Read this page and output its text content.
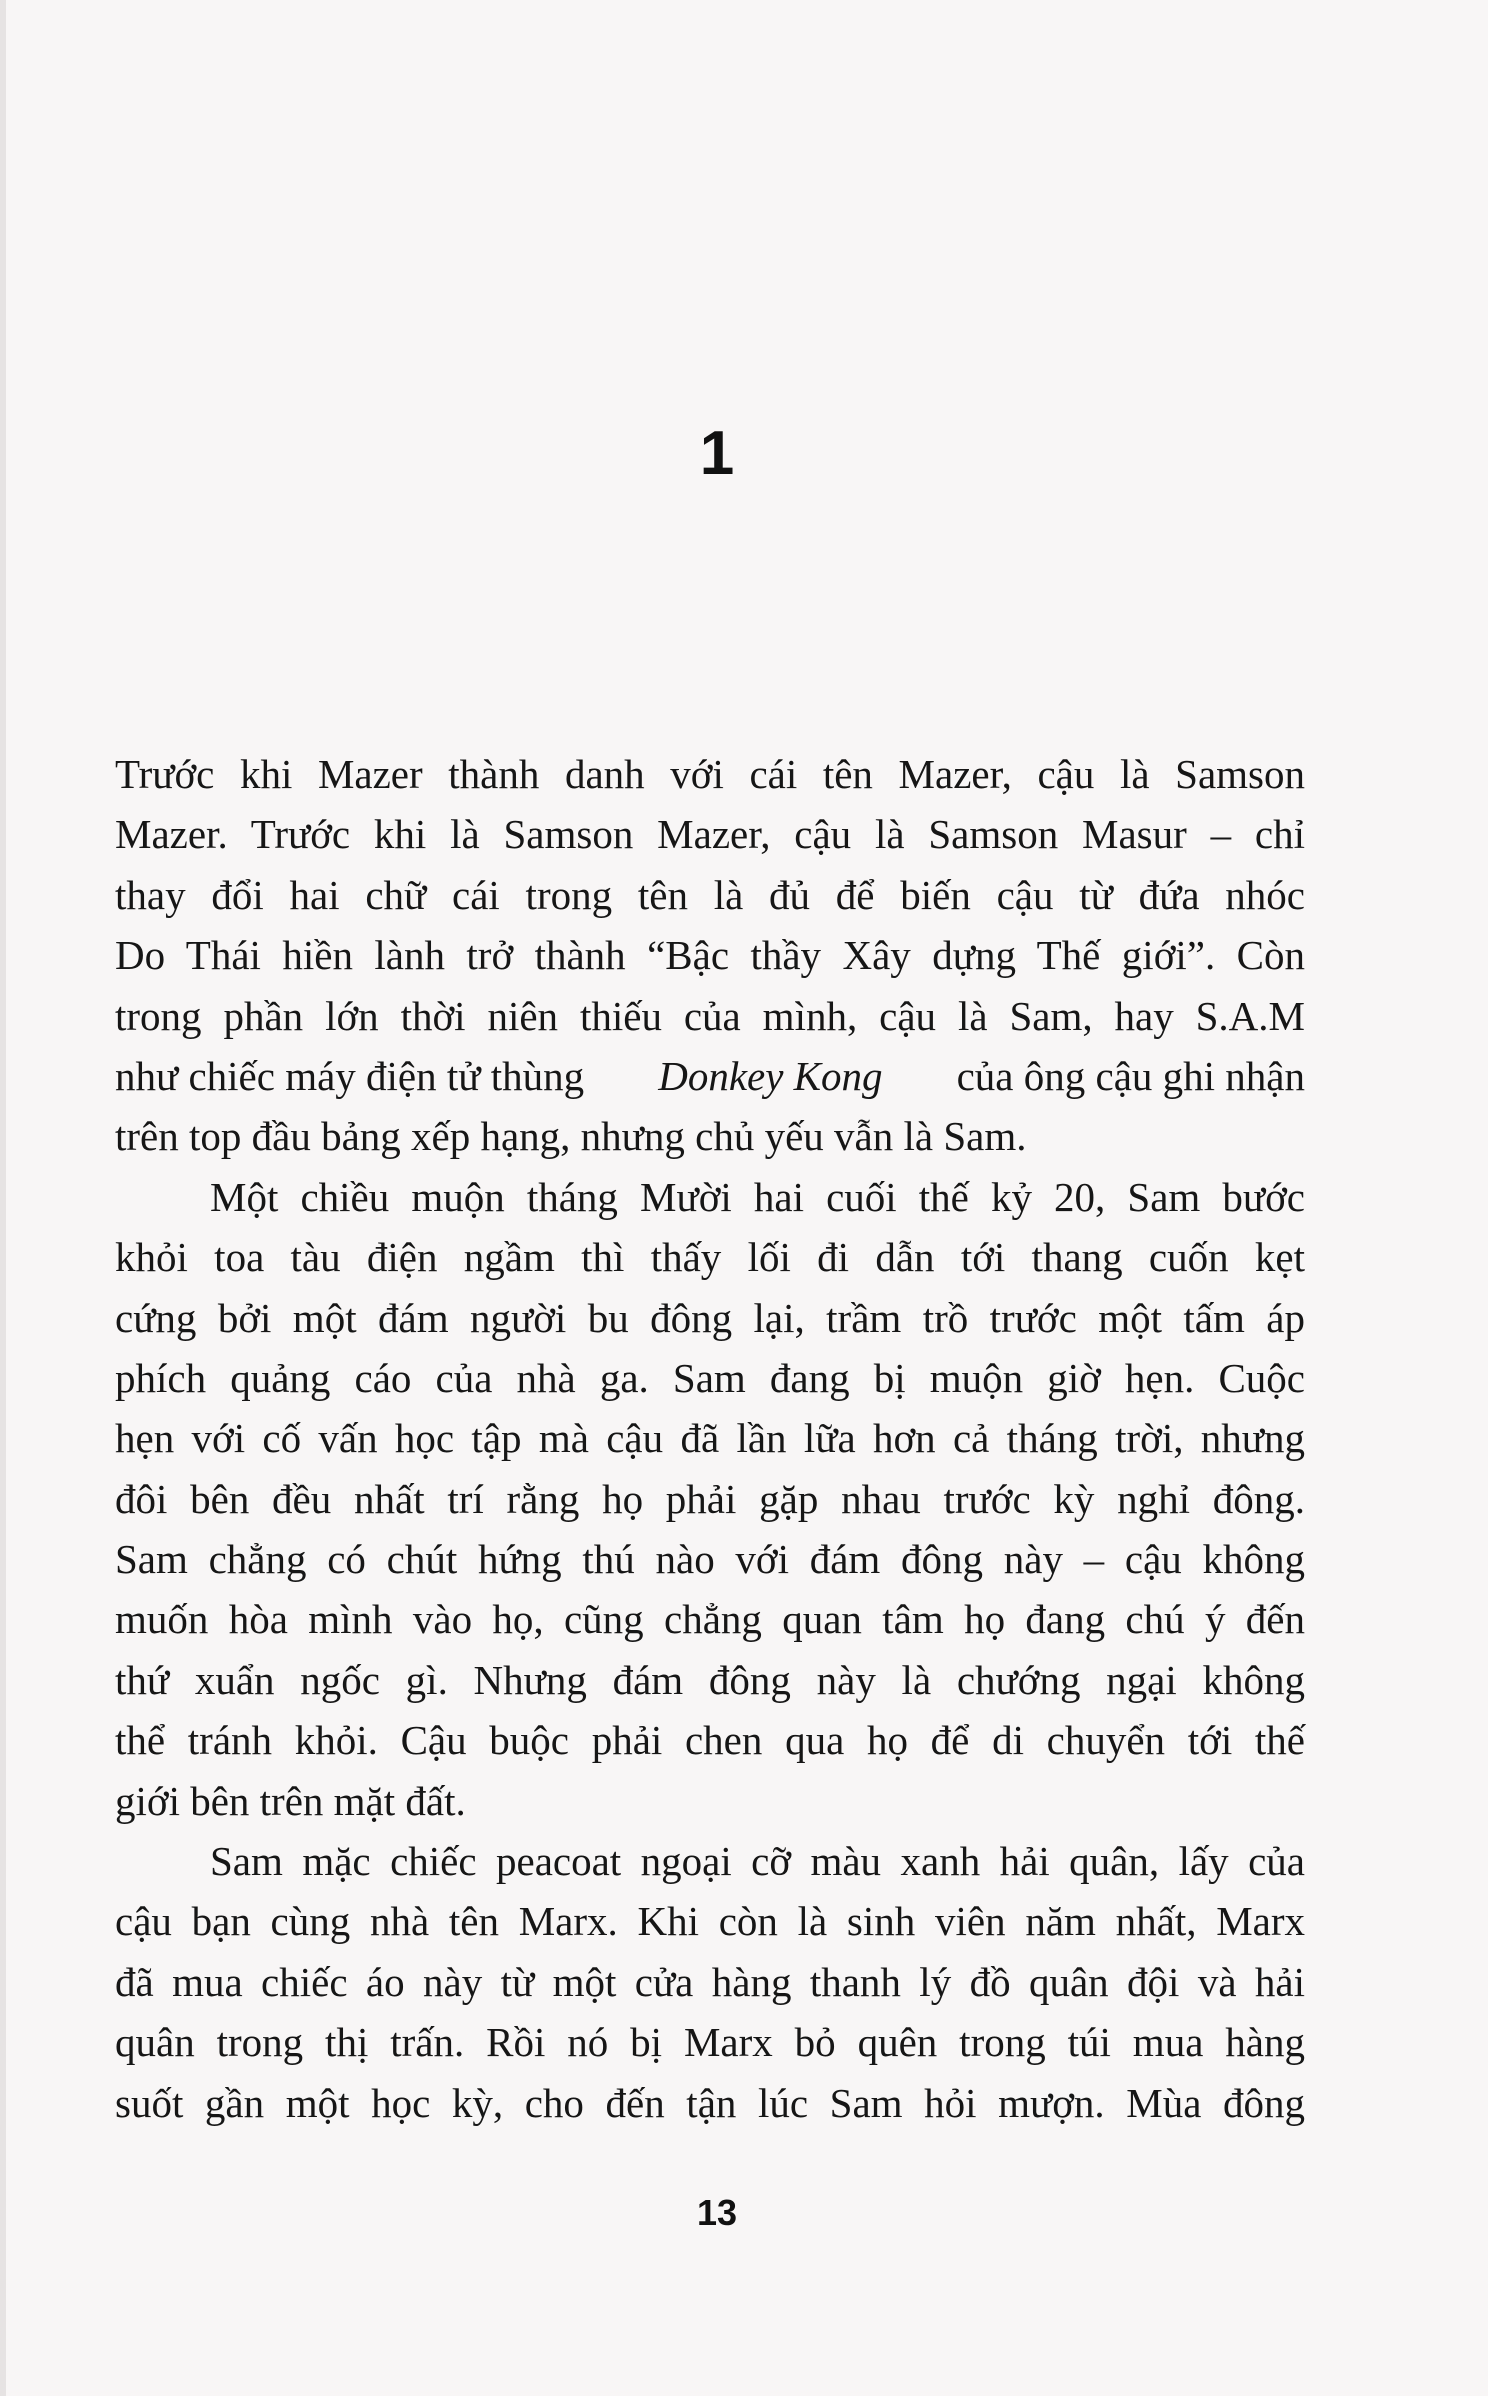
1
Trước khi Mazer thành danh với cái tên Mazer, cậu là Samson
Mazer. Trước khi là Samson Mazer, cậu là Samson Masur – chỉ
thay đổi hai chữ cái trong tên là đủ để biến cậu từ đứa nhóc
Do Thái hiền lành trở thành “Bậc thầy Xây dựng Thế giới”. Còn
trong phần lớn thời niên thiếu của mình, cậu là Sam, hay S.A.M
như chiếc máy điện tử thùng Donkey Kong của ông cậu ghi nhận
trên top đầu bảng xếp hạng, nhưng chủ yếu vẫn là Sam.
Một chiều muộn tháng Mười hai cuối thế kỷ 20, Sam bước
khỏi toa tàu điện ngầm thì thấy lối đi dẫn tới thang cuốn kẹt
cứng bởi một đám người bu đông lại, trầm trồ trước một tấm áp
phích quảng cáo của nhà ga. Sam đang bị muộn giờ hẹn. Cuộc
hẹn với cố vấn học tập mà cậu đã lần lữa hơn cả tháng trời, nhưng
đôi bên đều nhất trí rằng họ phải gặp nhau trước kỳ nghỉ đông.
Sam chẳng có chút hứng thú nào với đám đông này – cậu không
muốn hòa mình vào họ, cũng chẳng quan tâm họ đang chú ý đến
thứ xuẩn ngốc gì. Nhưng đám đông này là chướng ngại không
thể tránh khỏi. Cậu buộc phải chen qua họ để di chuyển tới thế
giới bên trên mặt đất.
Sam mặc chiếc peacoat ngoại cỡ màu xanh hải quân, lấy của
cậu bạn cùng nhà tên Marx. Khi còn là sinh viên năm nhất, Marx
đã mua chiếc áo này từ một cửa hàng thanh lý đồ quân đội và hải
quân trong thị trấn. Rồi nó bị Marx bỏ quên trong túi mua hàng
suốt gần một học kỳ, cho đến tận lúc Sam hỏi mượn. Mùa đông
13
